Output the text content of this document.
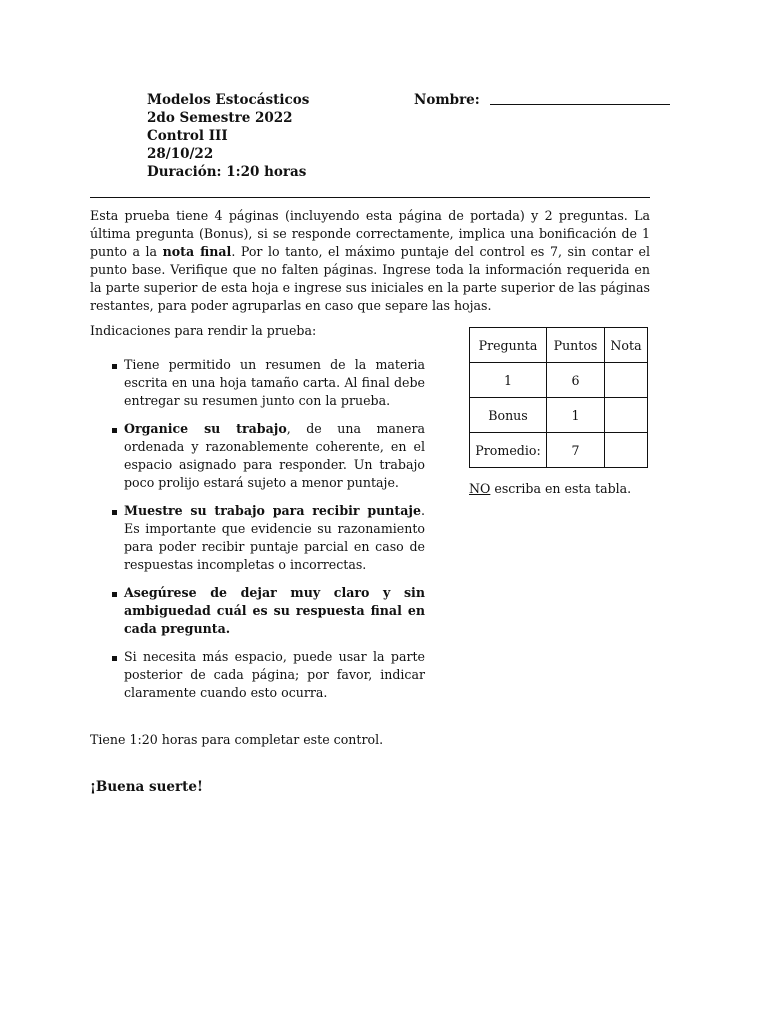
Modelos Estocásticos
2do Semestre 2022
Control III
28/10/22
Duración: 1:20 horas
Nombre:

Esta prueba tiene 4 páginas (incluyendo esta página de portada) y 2 preguntas. La última pregunta (Bonus), si se responde correctamente, implica una bonificación de 1 punto a la nota final. Por lo tanto, el máximo puntaje del control es 7, sin contar el punto base. Verifique que no falten páginas. Ingrese toda la información requerida en la parte superior de esta hoja e ingrese sus iniciales en la parte superior de las páginas restantes, para poder agruparlas en caso que separe las hojas.

Indicaciones para rendir la prueba:
Tiene permitido un resumen de la materia escrita en una hoja tamaño carta. Al final debe entregar su resumen junto con la prueba.
Organice su trabajo, de una manera ordenada y razonablemente coherente, en el espacio asignado para responder. Un trabajo poco prolijo estará sujeto a menor puntaje.
Muestre su trabajo para recibir puntaje. Es importante que evidencie su razonamiento para poder recibir puntaje parcial en caso de respuestas incompletas o incorrectas.
Asegúrese de dejar muy claro y sin ambiguedad cuál es su respuesta final en cada pregunta.
Si necesita más espacio, puede usar la parte posterior de cada página; por favor, indicar claramente cuando esto ocurra.
Pregunta	Puntos	Nota
1	6	
Bonus	1	
Promedio:	7	
NO escriba en esta tabla.
Tiene 1:20 horas para completar este control.
¡Buena suerte!
